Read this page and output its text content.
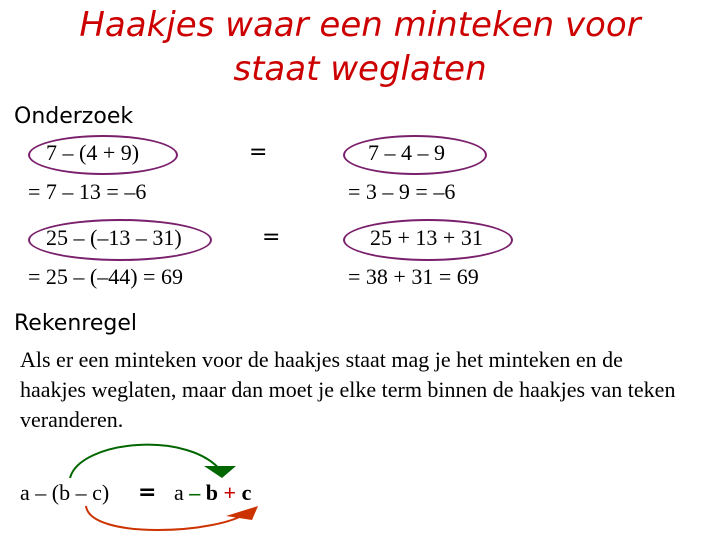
Haakjes waar een minteken voor
staat weglaten
Onderzoek
7 – (4 + 9)	=	7 – 4 – 9
= 7 – 13 = –6	= 3 – 9 = –6
25 – (–13 – 31)	=	25 + 13 + 31
= 25 – (–44) = 69	= 38 + 31 = 69
Rekenregel
Als er een minteken voor de haakjes staat mag je het minteken en de haakjes weglaten, maar dan moet je elke term binnen de haakjes van teken veranderen.
a – (b – c) = a – b + c
